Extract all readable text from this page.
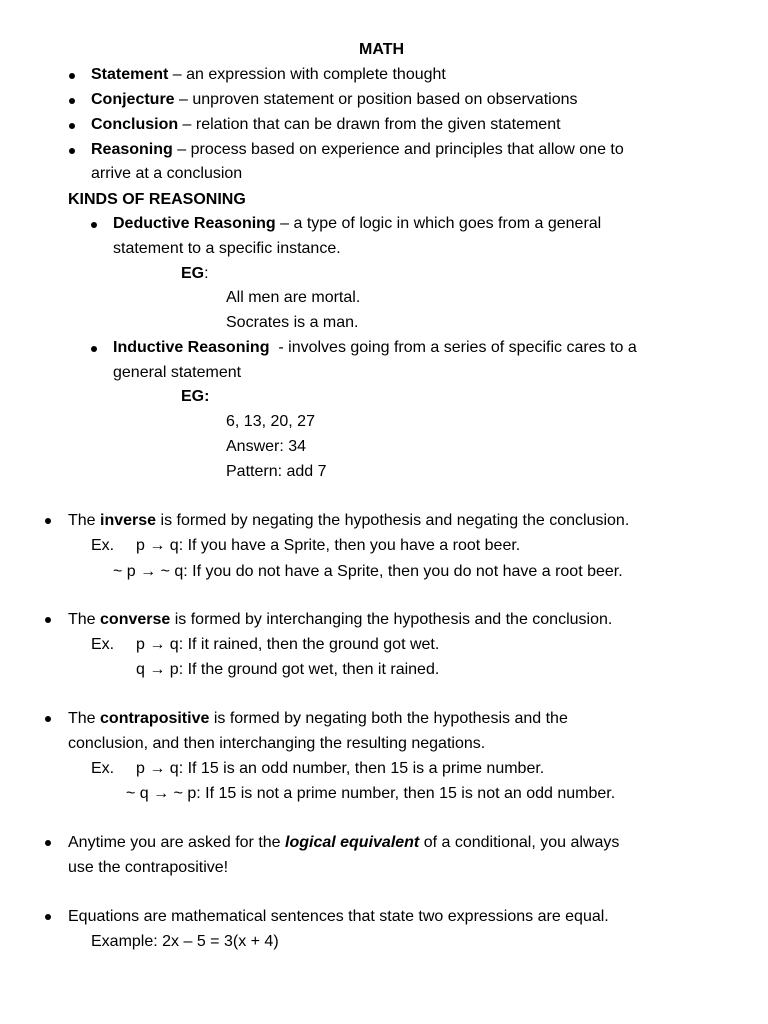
MATH
Statement – an expression with complete thought
Conjecture – unproven statement or position based on observations
Conclusion – relation that can be drawn from the given statement
Reasoning – process based on experience and principles that allow one to
arrive at a conclusion
KINDS OF REASONING
Deductive Reasoning – a type of logic in which goes from a general
statement to a specific instance.
EG:
All men are mortal.
Socrates is a man.
Inductive Reasoning  - involves going from a series of specific cares to a
general statement
EG:
6, 13, 20, 27
Answer: 34
Pattern: add 7
The inverse is formed by negating the hypothesis and negating the conclusion.
Ex. p → q: If you have a Sprite, then you have a root beer.
~ p → ~ q: If you do not have a Sprite, then you do not have a root beer.
The converse is formed by interchanging the hypothesis and the conclusion.
Ex. p → q: If it rained, then the ground got wet.
q → p: If the ground got wet, then it rained.
The contrapositive is formed by negating both the hypothesis and the
conclusion, and then interchanging the resulting negations.
Ex. p → q: If 15 is an odd number, then 15 is a prime number.
~ q → ~ p: If 15 is not a prime number, then 15 is not an odd number.
Anytime you are asked for the logical equivalent of a conditional, you always
use the contrapositive!
Equations are mathematical sentences that state two expressions are equal.
Example: 2x – 5 = 3(x + 4)
